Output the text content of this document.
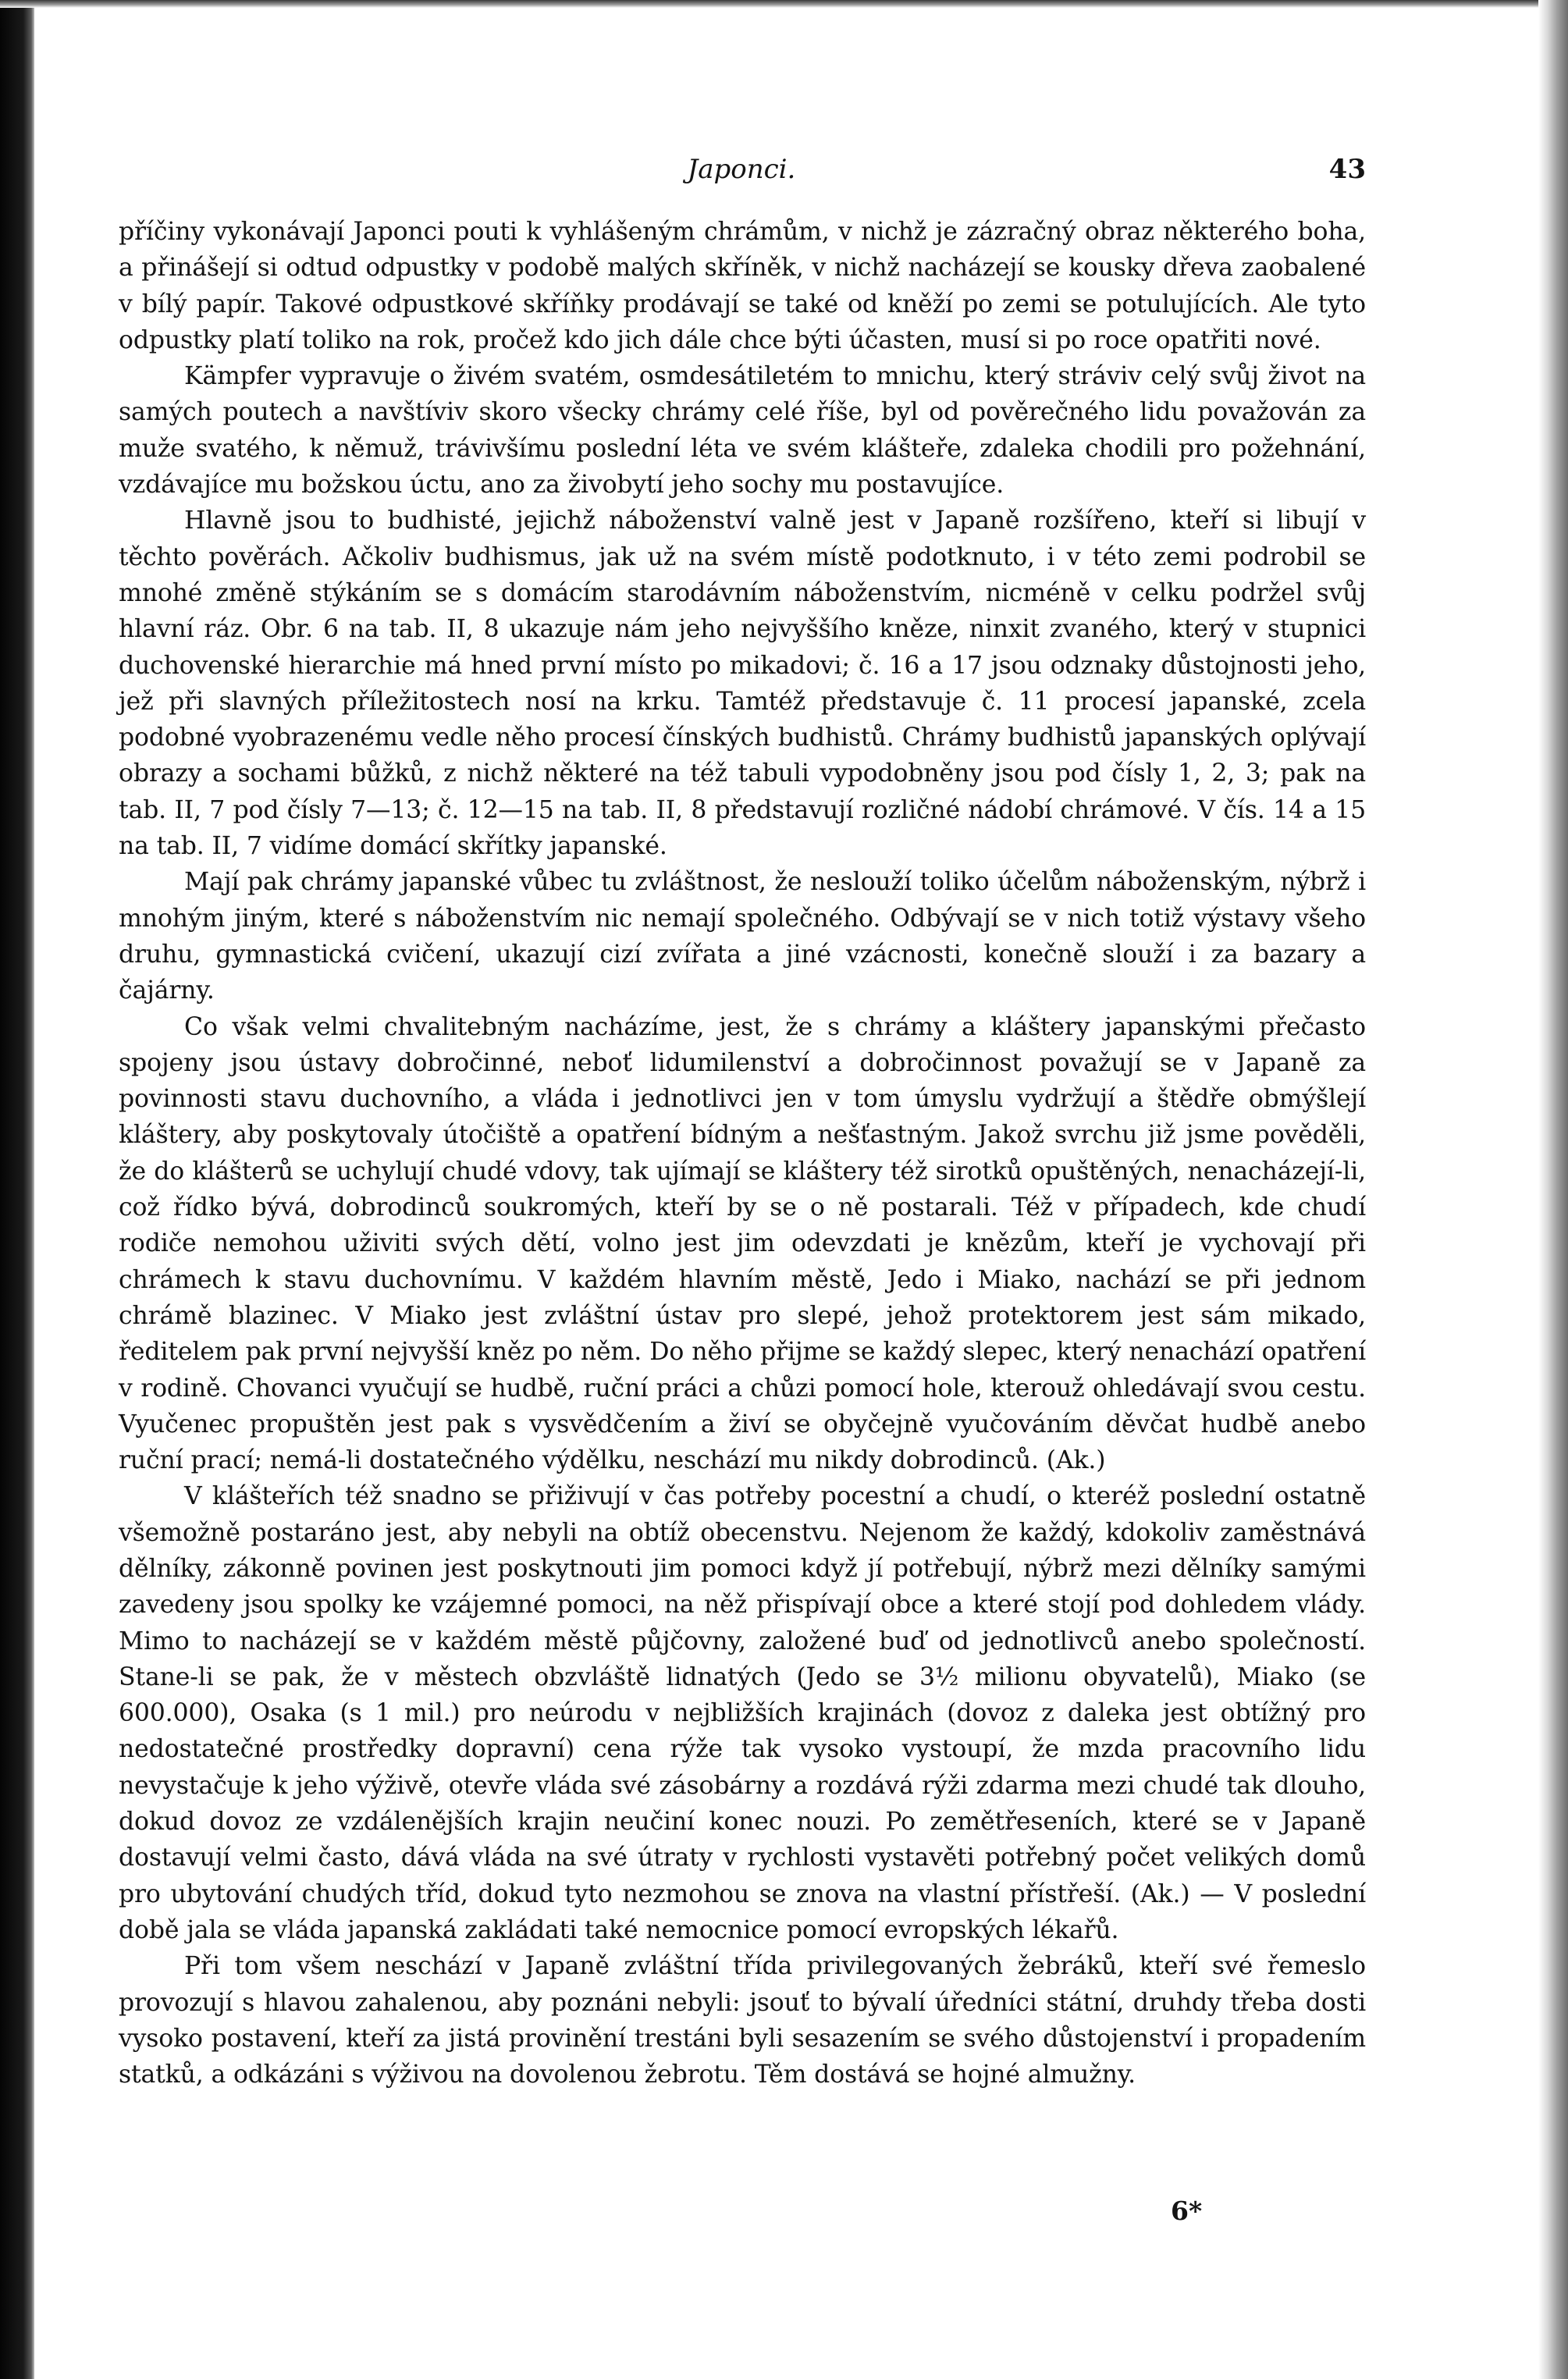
Japonci.	43

příčiny vykonávají Japonci pouti k vyhlášeným chrámům, v nichž je zázračný obraz některého boha, a přinášejí si odtud odpustky v podobě malých skříněk, v nichž nacházejí se kousky dřeva zaobalené v bílý papír. Takové odpustkové skříňky prodávají se také od kněží po zemi se potulujících. Ale tyto odpustky platí toliko na rok, pročež kdo jich dále chce býti účasten, musí si po roce opatřiti nové.

Kämpfer vypravuje o živém svatém, osmdesátiletém to mnichu, který stráviv celý svůj život na samých poutech a navštíviv skoro všecky chrámy celé říše, byl od pověrečného lidu považován za muže svatého, k němuž, trávivšímu poslední léta ve svém klášteře, zdaleka chodili pro požehnání, vzdávajíce mu božskou úctu, ano za živobytí jeho sochy mu postavujíce.

Hlavně jsou to budhisté, jejichž náboženství valně jest v Japaně rozšířeno, kteří si libují v těchto pověrách. Ačkoliv budhismus, jak už na svém místě podotknuto, i v této zemi podrobil se mnohé změně stýkáním se s domácím starodávním náboženstvím, nicméně v celku podržel svůj hlavní ráz. Obr. 6 na tab. II, 8 ukazuje nám jeho nejvyššího kněze, ninxit zvaného, který v stupnici duchovenské hierarchie má hned první místo po mikadovi; č. 16 a 17 jsou odznaky důstojnosti jeho, jež při slavných příležitostech nosí na krku. Tamtéž představuje č. 11 procesí japanské, zcela podobné vyobrazenému vedle něho procesí čínských budhistů. Chrámy budhistů japanských oplývají obrazy a sochami bůžků, z nichž některé na též tabuli vypodobněny jsou pod čísly 1, 2, 3; pak na tab. II, 7 pod čísly 7—13; č. 12—15 na tab. II, 8 představují rozličné nádobí chrámové. V čís. 14 a 15 na tab. II, 7 vidíme domácí skřítky japanské.

Mají pak chrámy japanské vůbec tu zvláštnost, že neslouží toliko účelům náboženským, nýbrž i mnohým jiným, které s náboženstvím nic nemají společného. Odbývají se v nich totiž výstavy všeho druhu, gymnastická cvičení, ukazují cizí zvířata a jiné vzácnosti, konečně slouží i za bazary a čajárny.

Co však velmi chvalitebným nacházíme, jest, že s chrámy a kláštery japanskými přečasto spojeny jsou ústavy dobročinné, neboť lidumilenství a dobročinnost považují se v Japaně za povinnosti stavu duchovního, a vláda i jednotlivci jen v tom úmyslu vydržují a štědře obmýšlejí kláštery, aby poskytovaly útočiště a opatření bídným a nešťastným. Jakož svrchu již jsme pověděli, že do klášterů se uchylují chudé vdovy, tak ujímají se kláštery též sirotků opuštěných, nenacházejí-li, což řídko bývá, dobrodinců soukromých, kteří by se o ně postarali. Též v případech, kde chudí rodiče nemohou uživiti svých dětí, volno jest jim odevzdati je knězům, kteří je vychovají při chrámech k stavu duchovnímu. V každém hlavním městě, Jedo i Miako, nachází se při jednom chrámě blazinec. V Miako jest zvláštní ústav pro slepé, jehož protektorem jest sám mikado, ředitelem pak první nejvyšší kněz po něm. Do něho přijme se každý slepec, který nenachází opatření v rodině. Chovanci vyučují se hudbě, ruční práci a chůzi pomocí hole, kterouž ohledávají svou cestu. Vyučenec propuštěn jest pak s vysvědčením a živí se obyčejně vyučováním děvčat hudbě anebo ruční prací; nemá-li dostatečného výdělku, neschází mu nikdy dobrodinců. (Ak.)

V klášteřích též snadno se přiživují v čas potřeby pocestní a chudí, o kteréž poslední ostatně všemožně postaráno jest, aby nebyli na obtíž obecenstvu. Nejenom že každý, kdokoliv zaměstnává dělníky, zákonně povinen jest poskytnouti jim pomoci když jí potřebují, nýbrž mezi dělníky samými zavedeny jsou spolky ke vzájemné pomoci, na něž přispívají obce a které stojí pod dohledem vlády. Mimo to nacházejí se v každém městě půjčovny, založené buď od jednotlivců anebo společností. Stane-li se pak, že v městech obzvláště lidnatých (Jedo se 3½ milionu obyvatelů), Miako (se 600.000), Osaka (s 1 mil.) pro neúrodu v nejbližších krajinách (dovoz z daleka jest obtížný pro nedostatečné prostředky dopravní) cena rýže tak vysoko vystoupí, že mzda pracovního lidu nevystačuje k jeho výživě, otevře vláda své zásobárny a rozdává rýži zdarma mezi chudé tak dlouho, dokud dovoz ze vzdálenějších krajin neučiní konec nouzi. Po zemětřeseních, které se v Japaně dostavují velmi často, dává vláda na své útraty v rychlosti vystavěti potřebný počet velikých domů pro ubytování chudých tříd, dokud tyto nezmohou se znova na vlastní přístřeší. (Ak.) — V poslední době jala se vláda japanská zakládati také nemocnice pomocí evropských lékařů.

Při tom všem neschází v Japaně zvláštní třída privilegovaných žebráků, kteří své řemeslo provozují s hlavou zahalenou, aby poznáni nebyli: jsouť to bývalí úředníci státní, druhdy třeba dosti vysoko postavení, kteří za jistá provinění trestáni byli sesazením se svého důstojenství i propadením statků, a odkázáni s výživou na dovolenou žebrotu. Těm dostává se hojné almužny.

6*
